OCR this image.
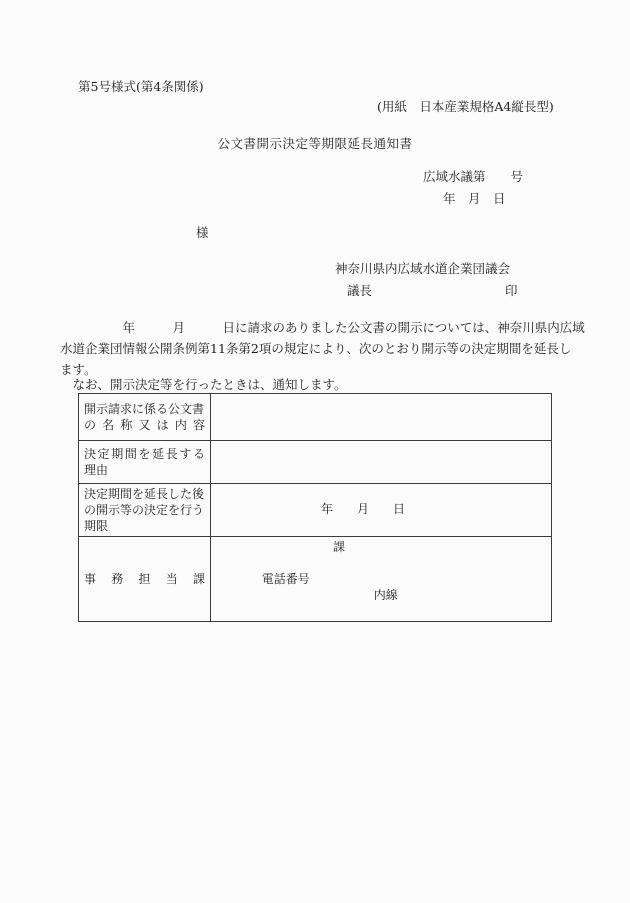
第5号様式(第4条関係)
(用紙　日本産業規格A4縦長型)
公文書開示決定等期限延長通知書
広域水議第　　号
年　月　日
様
神奈川県内広域水道企業団議会
議長	印
　　　　　年　　　月　　　日に請求のありました公文書の開示については、神奈川県内広域
水道企業団情報公開条例第11条第2項の規定により、次のとおり開示等の決定期間を延長し
ます。
　なお、開示決定等を行ったときは、通知します。
開示請求に係る公文書
の名称又は内容	

決定期間を延長する
理由	

決定期間を延長した後
の開示等の決定を行う
期限	年　　月　　日

事務担当課	課

電話番号
内線
